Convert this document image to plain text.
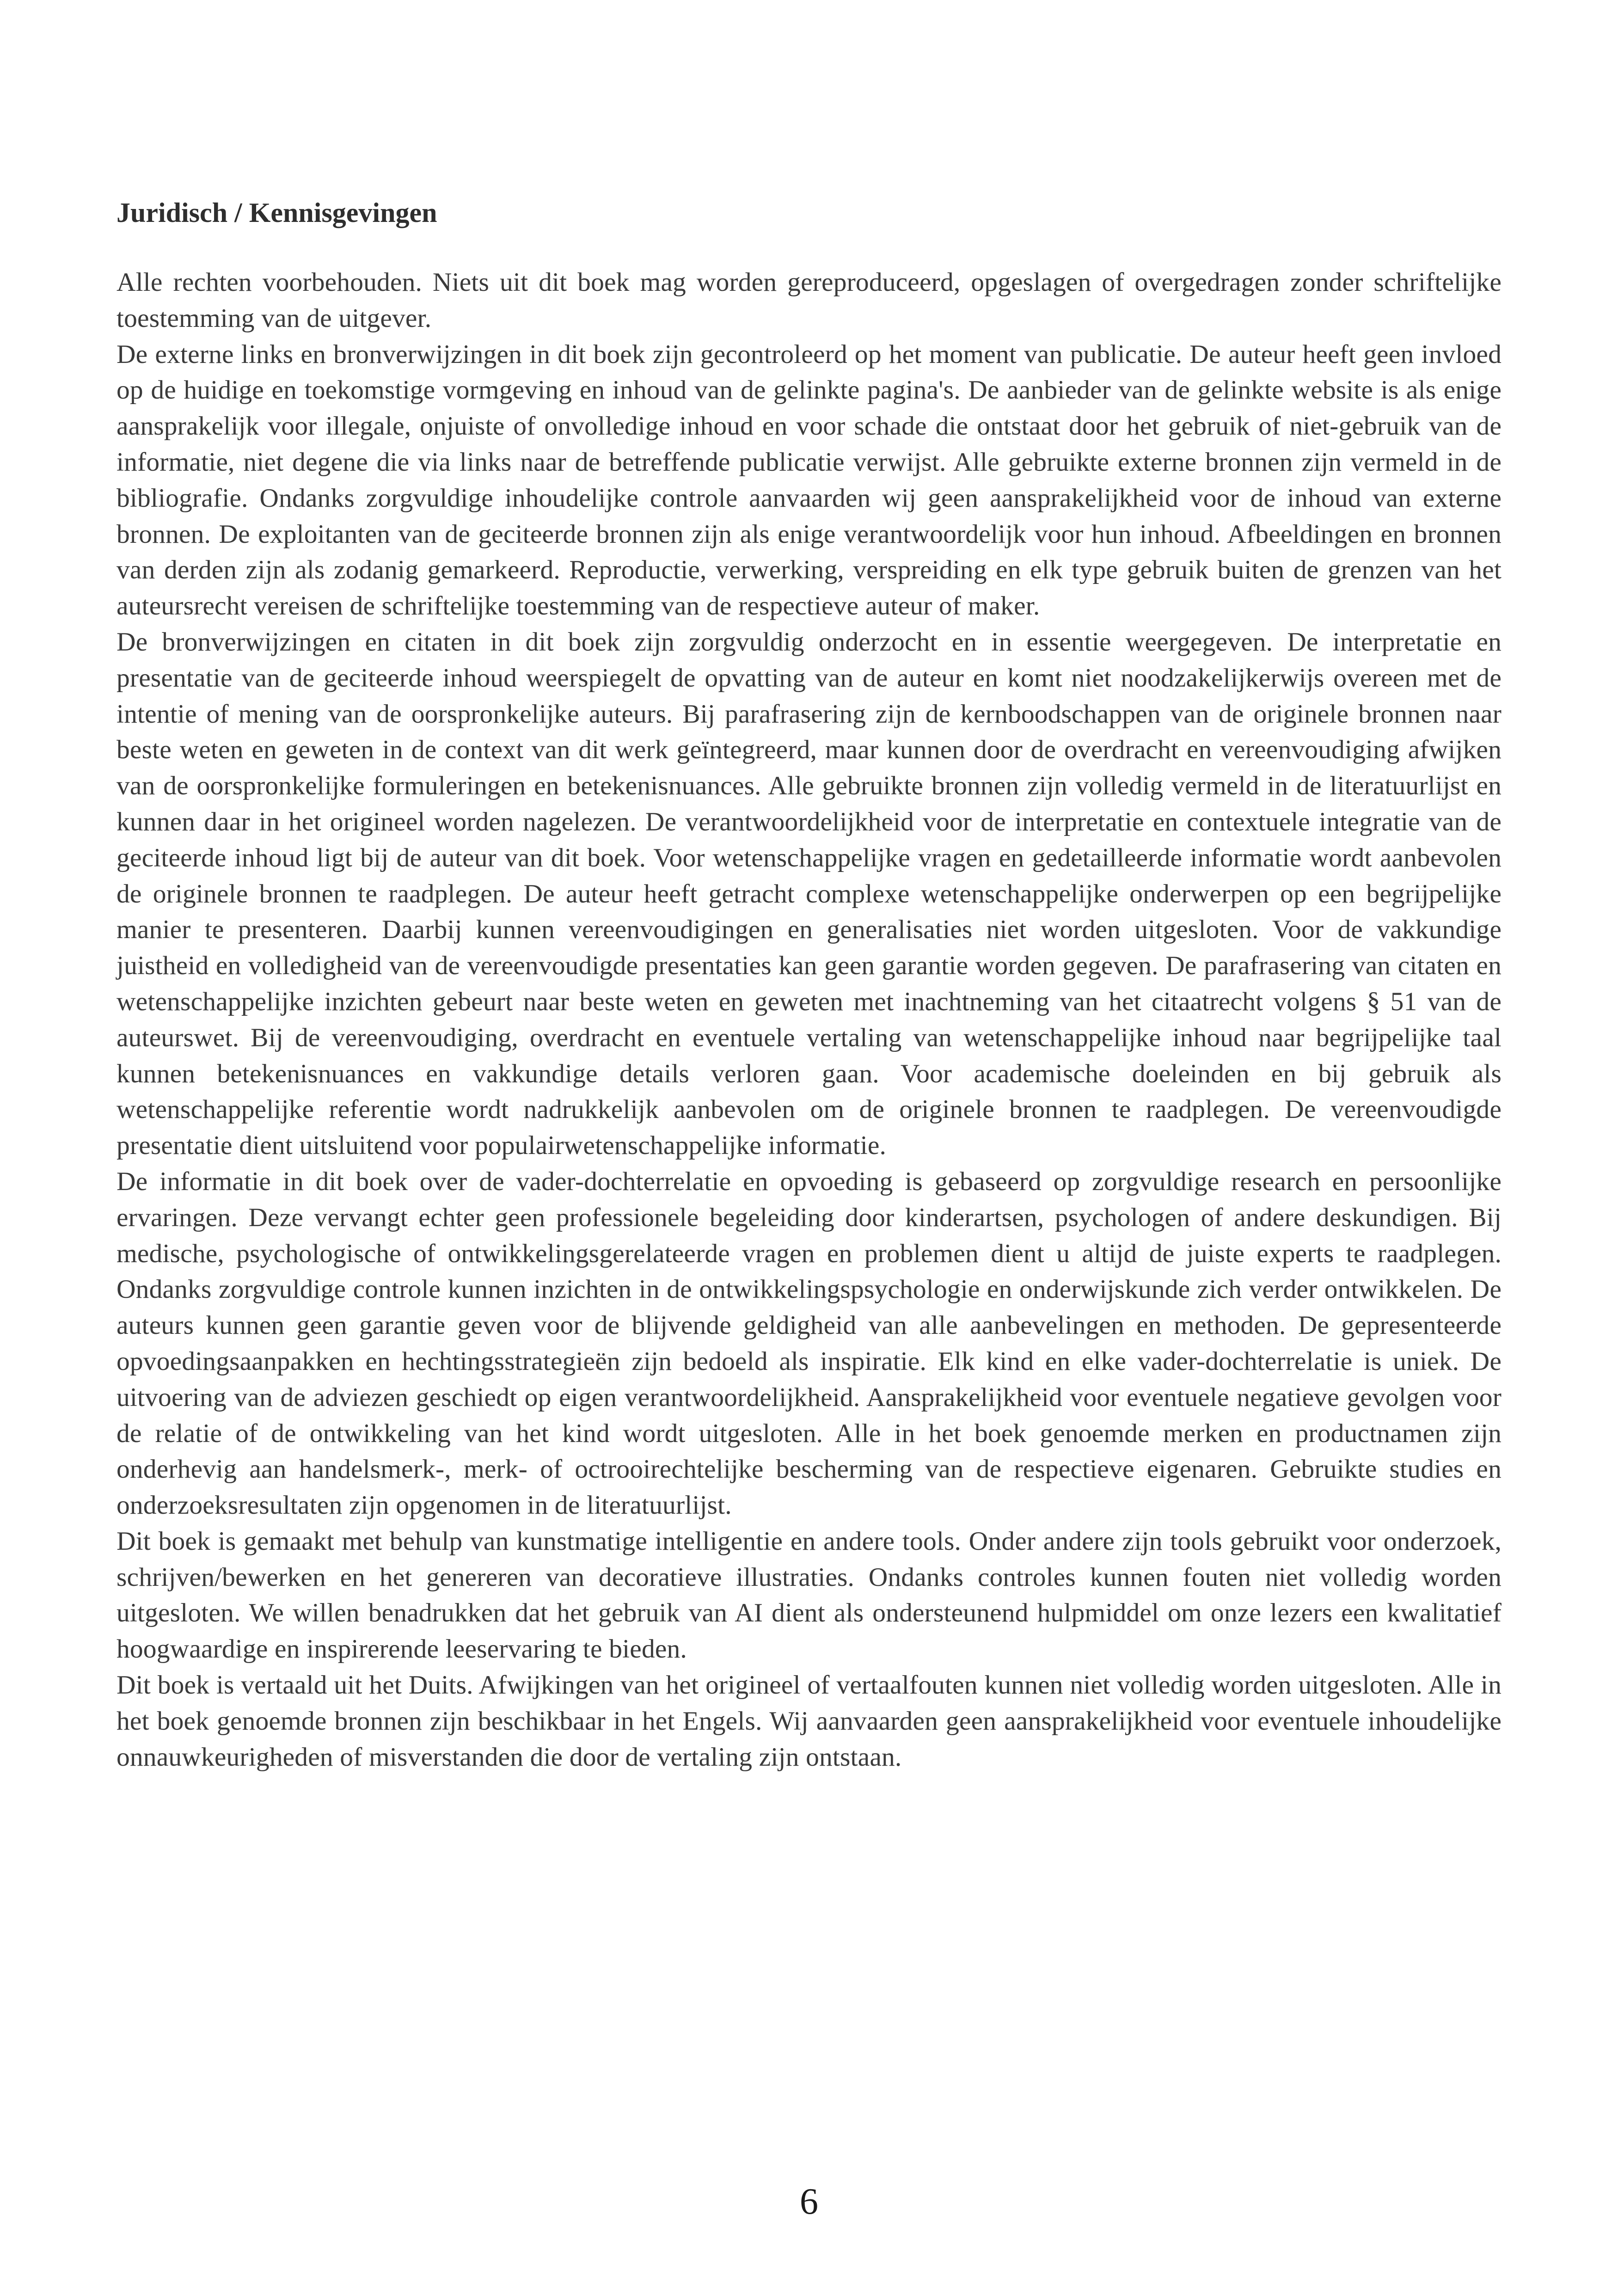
Juridisch / Kennisgevingen

Alle rechten voorbehouden. Niets uit dit boek mag worden gereproduceerd, opgeslagen of overgedragen zonder schriftelijke toestemming van de uitgever.

De externe links en bronverwijzingen in dit boek zijn gecontroleerd op het moment van publicatie. De auteur heeft geen invloed op de huidige en toekomstige vormgeving en inhoud van de gelinkte pagina's. De aanbieder van de gelinkte website is als enige aansprakelijk voor illegale, onjuiste of onvolledige inhoud en voor schade die ontstaat door het gebruik of niet-gebruik van de informatie, niet degene die via links naar de betreffende publicatie verwijst. Alle gebruikte externe bronnen zijn vermeld in de bibliografie. Ondanks zorgvuldige inhoudelijke controle aanvaarden wij geen aansprakelijkheid voor de inhoud van externe bronnen. De exploitanten van de geciteerde bronnen zijn als enige verantwoordelijk voor hun inhoud. Afbeeldingen en bronnen van derden zijn als zodanig gemarkeerd. Reproductie, verwerking, verspreiding en elk type gebruik buiten de grenzen van het auteursrecht vereisen de schriftelijke toestemming van de respectieve auteur of maker.

De bronverwijzingen en citaten in dit boek zijn zorgvuldig onderzocht en in essentie weergegeven. De interpretatie en presentatie van de geciteerde inhoud weerspiegelt de opvatting van de auteur en komt niet noodzakelijkerwijs overeen met de intentie of mening van de oorspronkelijke auteurs. Bij parafrasering zijn de kernboodschappen van de originele bronnen naar beste weten en geweten in de context van dit werk geïntegreerd, maar kunnen door de overdracht en vereenvoudiging afwijken van de oorspronkelijke formuleringen en betekenisnuances. Alle gebruikte bronnen zijn volledig vermeld in de literatuurlijst en kunnen daar in het origineel worden nagelezen. De verantwoordelijkheid voor de interpretatie en contextuele integratie van de geciteerde inhoud ligt bij de auteur van dit boek. Voor wetenschappelijke vragen en gedetailleerde informatie wordt aanbevolen de originele bronnen te raadplegen. De auteur heeft getracht complexe wetenschappelijke onderwerpen op een begrijpelijke manier te presenteren. Daarbij kunnen vereenvoudigingen en generalisaties niet worden uitgesloten. Voor de vakkundige juistheid en volledigheid van de vereenvoudigde presentaties kan geen garantie worden gegeven. De parafrasering van citaten en wetenschappelijke inzichten gebeurt naar beste weten en geweten met inachtneming van het citaatrecht volgens § 51 van de auteurswet. Bij de vereenvoudiging, overdracht en eventuele vertaling van wetenschappelijke inhoud naar begrijpelijke taal kunnen betekenisnuances en vakkundige details verloren gaan. Voor academische doeleinden en bij gebruik als wetenschappelijke referentie wordt nadrukkelijk aanbevolen om de originele bronnen te raadplegen. De vereenvoudigde presentatie dient uitsluitend voor populairwetenschappelijke informatie.

De informatie in dit boek over de vader-dochterrelatie en opvoeding is gebaseerd op zorgvuldige research en persoonlijke ervaringen. Deze vervangt echter geen professionele begeleiding door kinderartsen, psychologen of andere deskundigen. Bij medische, psychologische of ontwikkelingsgerelateerde vragen en problemen dient u altijd de juiste experts te raadplegen. Ondanks zorgvuldige controle kunnen inzichten in de ontwikkelingspsychologie en onderwijskunde zich verder ontwikkelen. De auteurs kunnen geen garantie geven voor de blijvende geldigheid van alle aanbevelingen en methoden. De gepresenteerde opvoedingsaanpakken en hechtingsstrategieën zijn bedoeld als inspiratie. Elk kind en elke vader-dochterrelatie is uniek. De uitvoering van de adviezen geschiedt op eigen verantwoordelijkheid. Aansprakelijkheid voor eventuele negatieve gevolgen voor de relatie of de ontwikkeling van het kind wordt uitgesloten. Alle in het boek genoemde merken en productnamen zijn onderhevig aan handelsmerk-, merk- of octrooirechtelijke bescherming van de respectieve eigenaren. Gebruikte studies en onderzoeksresultaten zijn opgenomen in de literatuurlijst.

Dit boek is gemaakt met behulp van kunstmatige intelligentie en andere tools. Onder andere zijn tools gebruikt voor onderzoek, schrijven/bewerken en het genereren van decoratieve illustraties. Ondanks controles kunnen fouten niet volledig worden uitgesloten. We willen benadrukken dat het gebruik van AI dient als ondersteunend hulpmiddel om onze lezers een kwalitatief hoogwaardige en inspirerende leeservaring te bieden.

Dit boek is vertaald uit het Duits. Afwijkingen van het origineel of vertaalfouten kunnen niet volledig worden uitgesloten. Alle in het boek genoemde bronnen zijn beschikbaar in het Engels. Wij aanvaarden geen aansprakelijkheid voor eventuele inhoudelijke onnauwkeurigheden of misverstanden die door de vertaling zijn ontstaan.

6
